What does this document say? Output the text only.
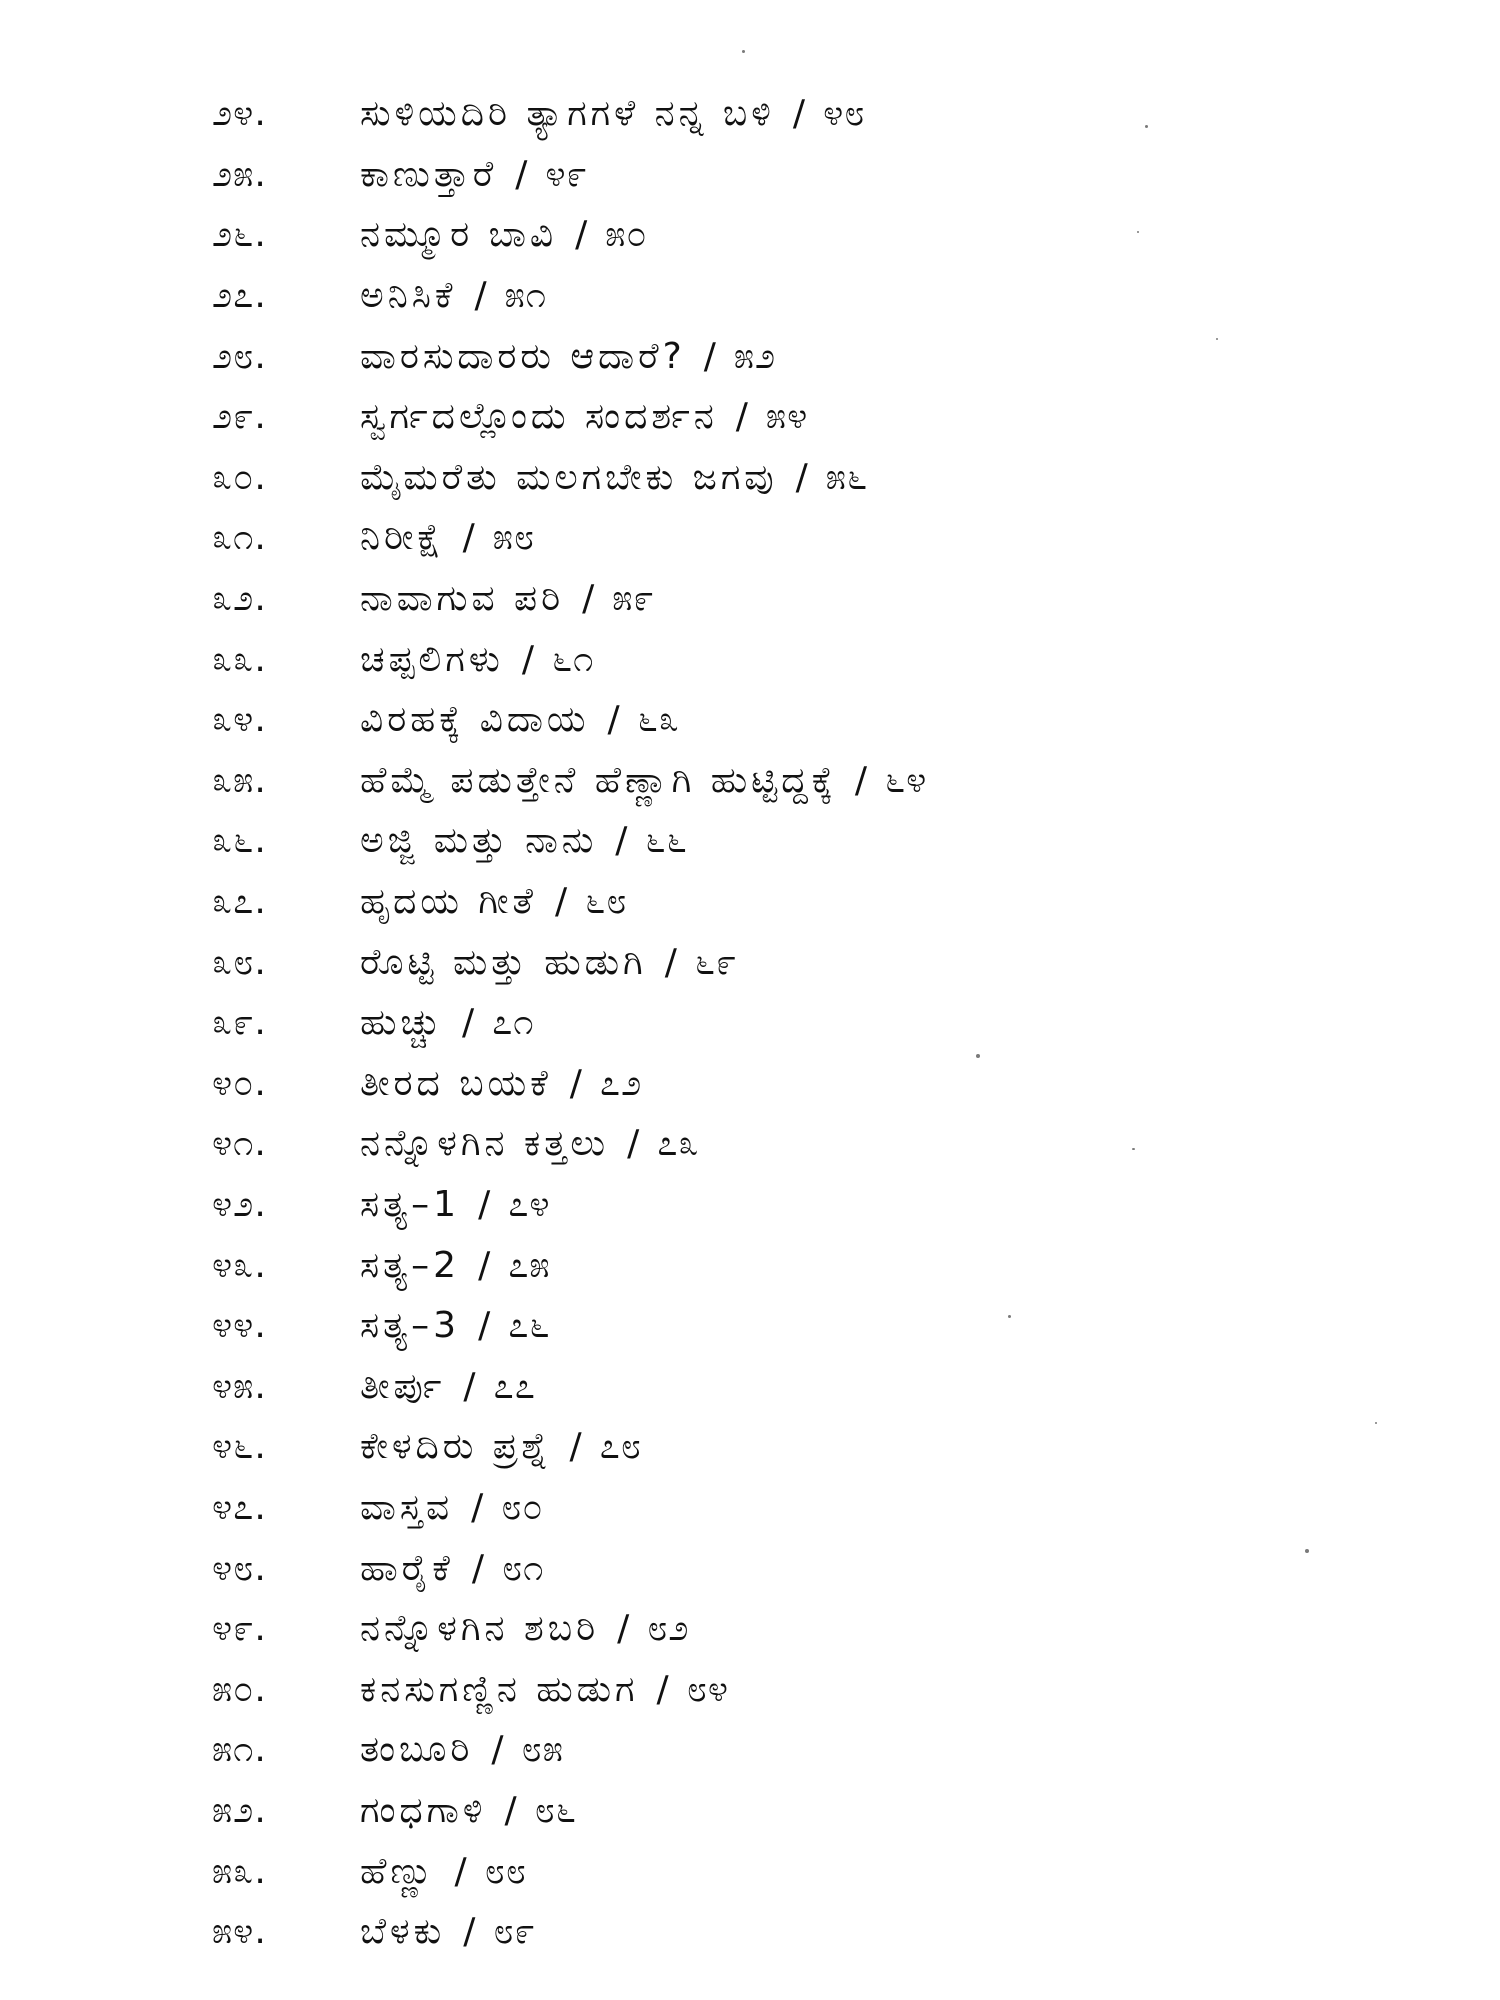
೨೪.	ಸುಳಿಯದಿರಿ ತ್ಯಾಗಗಳೆ ನನ್ನ ಬಳಿ / ೪೮
೨೫.	ಕಾಣುತ್ತಾರೆ / ೪೯
೨೬.	ನಮ್ಮೂರ ಬಾವಿ / ೫೦
೨೭.	ಅನಿಸಿಕೆ / ೫೧
೨೮.	ವಾರಸುದಾರರು ಆದಾರೆ? / ೫೨
೨೯.	ಸ್ವರ್ಗದಲ್ಲೊಂದು ಸಂದರ್ಶನ / ೫೪
೩೦.	ಮೈಮರೆತು ಮಲಗಬೇಕು ಜಗವು / ೫೬
೩೧.	ನಿರೀಕ್ಷೆ / ೫೮
೩೨.	ನಾವಾಗುವ ಪರಿ / ೫೯
೩೩.	ಚಪ್ಪಲಿಗಳು / ೬೧
೩೪.	ವಿರಹಕ್ಕೆ ವಿದಾಯ / ೬೩
೩೫.	ಹೆಮ್ಮೆ ಪಡುತ್ತೇನೆ ಹೆಣ್ಣಾಗಿ ಹುಟ್ಟಿದ್ದಕ್ಕೆ / ೬೪
೩೬.	ಅಜ್ಜಿ ಮತ್ತು ನಾನು / ೬೬
೩೭.	ಹೃದಯ ಗೀತೆ / ೬೮
೩೮.	ರೊಟ್ಟಿ ಮತ್ತು ಹುಡುಗಿ / ೬೯
೩೯.	ಹುಚ್ಚು / ೭೧
೪೦.	ತೀರದ ಬಯಕೆ / ೭೨
೪೧.	ನನ್ನೊಳಗಿನ ಕತ್ತಲು / ೭೩
೪೨.	ಸತ್ಯ–1 / ೭೪
೪೩.	ಸತ್ಯ–2 / ೭೫
೪೪.	ಸತ್ಯ–3 / ೭೬
೪೫.	ತೀರ್ಪು / ೭೭
೪೬.	ಕೇಳದಿರು ಪ್ರಶ್ನೆ / ೭೮
೪೭.	ವಾಸ್ತವ / ೮೦
೪೮.	ಹಾರೈಕೆ / ೮೧
೪೯.	ನನ್ನೊಳಗಿನ ಶಬರಿ / ೮೨
೫೦.	ಕನಸುಗಣ್ಣಿನ ಹುಡುಗ / ೮೪
೫೧.	ತಂಬೂರಿ / ೮೫
೫೨.	ಗಂಧಗಾಳಿ / ೮೬
೫೩.	ಹೆಣ್ಣು / ೮೮
೫೪.	ಬೆಳಕು / ೮೯
